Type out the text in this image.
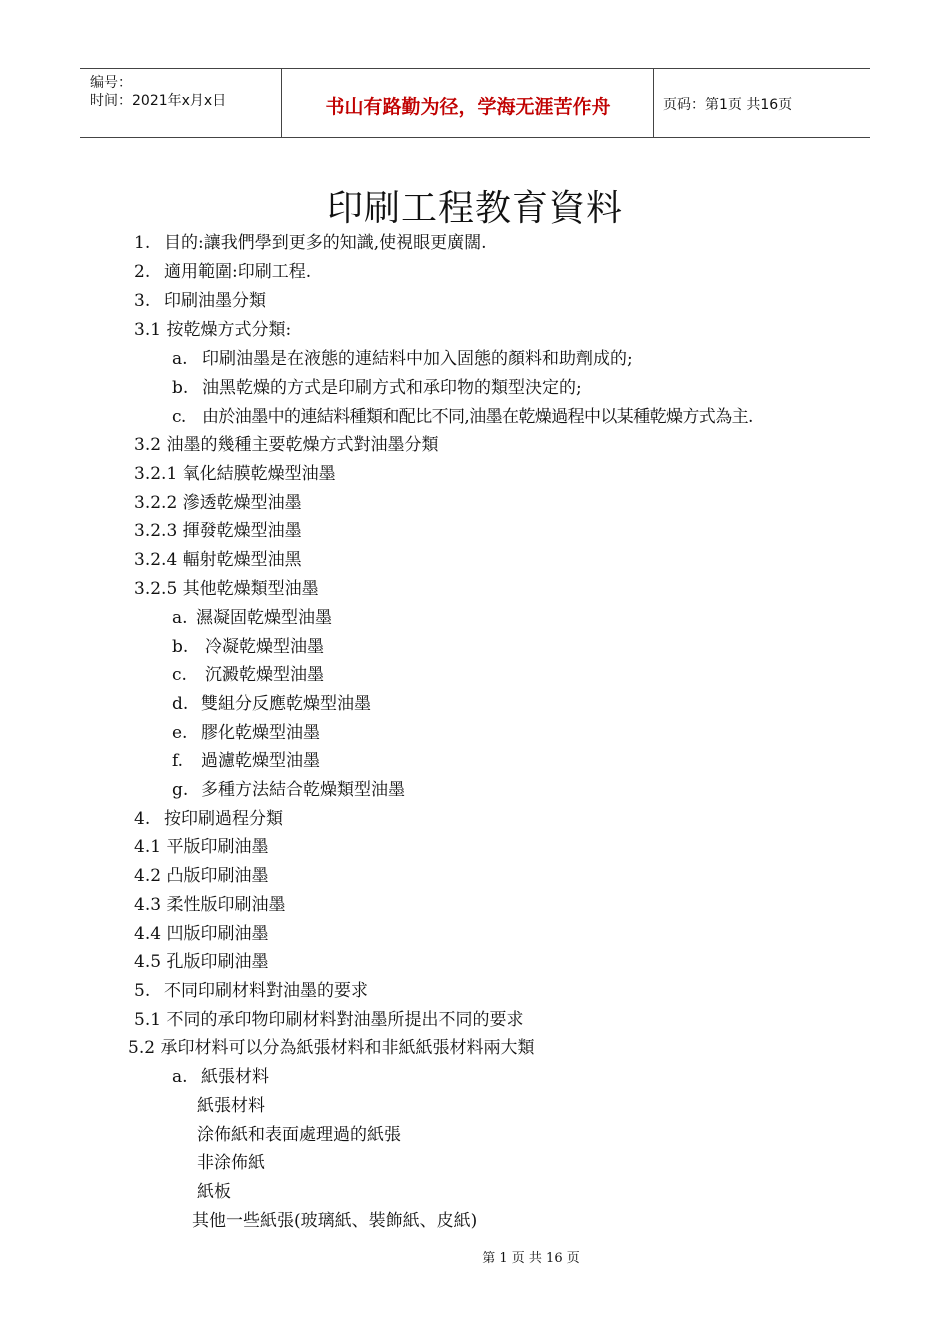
编号：
时间：2021年x月x日	书山有路勤为径，学海无涯苦作舟	页码：第1页 共16页
印刷工程教育資料
1. 目的:讓我們學到更多的知識,使視眼更廣闊.
2. 適用範圍:印刷工程.
3. 印刷油墨分類
3.1 按乾燥方式分類:
a. 印刷油墨是在液態的連結料中加入固態的顏料和助劑成的;
b. 油黑乾燥的方式是印刷方式和承印物的類型決定的;
c. 由於油墨中的連結料種類和配比不同,油墨在乾燥過程中以某種乾燥方式為主.
3.2 油墨的幾種主要乾燥方式對油墨分類
3.2.1 氧化結膜乾燥型油墨
3.2.2 滲透乾燥型油墨
3.2.3 揮發乾燥型油墨
3.2.4 輻射乾燥型油黑
3.2.5 其他乾燥類型油墨
a. 濕凝固乾燥型油墨
b. 冷凝乾燥型油墨
c. 沉澱乾燥型油墨
d. 雙組分反應乾燥型油墨
e. 膠化乾燥型油墨
f. 過濾乾燥型油墨
g. 多種方法結合乾燥類型油墨
4. 按印刷過程分類
4.1 平版印刷油墨
4.2 凸版印刷油墨
4.3 柔性版印刷油墨
4.4 凹版印刷油墨
4.5 孔版印刷油墨
5. 不同印刷材料對油墨的要求
5.1 不同的承印物印刷材料對油墨所提出不同的要求
5.2 承印材料可以分為紙張材料和非紙紙張材料兩大類
a. 紙張材料
紙張材料
涂佈紙和表面處理過的紙張
非涂佈紙
紙板
其他一些紙張(玻璃紙、裝飾紙、皮紙)
第 1 页 共 16 页
